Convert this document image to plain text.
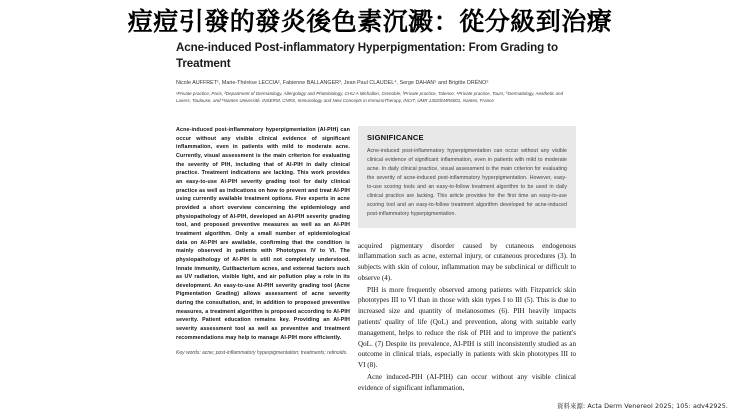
痘痘引發的發炎後色素沉澱：從分級到治療
Acne-induced Post-inflammatory Hyperpigmentation: From Grading to Treatment
Nicole AUFFRET¹, Marie-Thérèse LECCIA², Fabienne BALLANGER³, Jean Paul CLAUDEL⁴, Serge DAHAN⁵ and Brigitte DRÉNO⁶
¹Private practice, Paris, ²Department of Dermatology, Allergology and Photobiology, CHU A Michallon, Grenoble, ³Private practice, Talence, ⁴Private practice, Tours, ⁵Dermatology, Aesthetic and Lasers, Toulouse, and ⁶Nantes Université, INSERM, CNRS, Immunology and New Concepts in ImmunoTherapy, INCIT, UMR 1302/EMR6001, Nantes, France

Acne-induced post-inflammatory hyperpigmentation (AI-PIH) can occur without any visible clinical evidence of significant inflammation, even in patients with mild to moderate acne. Currently, visual assessment is the main criterion for evaluating the severity of PIH, including that of AI-PIH in daily clinical practice. Treatment indications are lacking. This work provides an easy-to-use AI-PIH severity grading tool for daily clinical practice as well as indications on how to prevent and treat AI-PIH using currently available treatment options. Five experts in acne provided a short overview concerning the epidemiology and physiopathology of AI-PIH, developed an AI-PIH severity grading tool, and proposed preventive measures as well as an AI-PIH treatment algorithm. Only a small number of epidemiological data on AI-PIH are available, confirming that the condition is mainly observed in patients with Phototypes IV to VI. The physiopathology of AI-PIH is still not completely understood. Innate immunity, Cutibacterium acnes, and external factors such as UV radiation, visible light, and air pollution play a role in its development. An easy-to-use AI-PIH severity grading tool (Acne Pigmentation Grading) allows assessment of acne severity during the consultation, and, in addition to proposed preventive measures, a treatment algorithm is proposed according to AI-PIH severity. Patient education remains key. Providing an AI-PIH severity assessment tool as well as preventive and treatment recommendations may help to manage AI-PIH more efficiently.

Key words: acne; post-inflammatory hyperpigmentation; treatments; retinoids.
SIGNIFICANCE

Acne-induced post-inflammatory hyperpigmentation can occur without any visible clinical evidence of significant inflammation, even in patients with mild to moderate acne. In daily clinical practice, visual assessment is the main criterion for evaluating the severity of acne-induced post-inflammatory hyperpigmentation. However, easy-to-use scoring tools and an easy-to-follow treatment algorithm to be used in daily clinical practice are lacking. This article provides for the first time an easy-to-use scoring tool and an easy-to-follow treatment algorithm developed for acne-induced post-inflammatory hyperpigmentation.

acquired pigmentary disorder caused by cutaneous endogenous inflammation such as acne, external injury, or cutaneous procedures (3). In subjects with skin of colour, inflammation may be subclinical or difficult to observe (4).

PIH is more frequently observed among patients with Fitzpatrick skin phototypes III to VI than in those with skin types I to III (5). This is due to increased size and quantity of melanosomes (6). PIH heavily impacts patients' quality of life (QoL) and prevention, along with suitable early management, helps to reduce the risk of PIH and to improve the patient's QoL. (7) Despite its prevalence, AI-PIH is still inconsistently studied as an outcome in clinical trials, especially in patients with skin phototypes III to VI (8).

Acne induced-PIH (AI-PIH) can occur without any visible clinical evidence of significant inflammation,

資料來源: Acta Derm Venereol 2025; 105: adv42925.
